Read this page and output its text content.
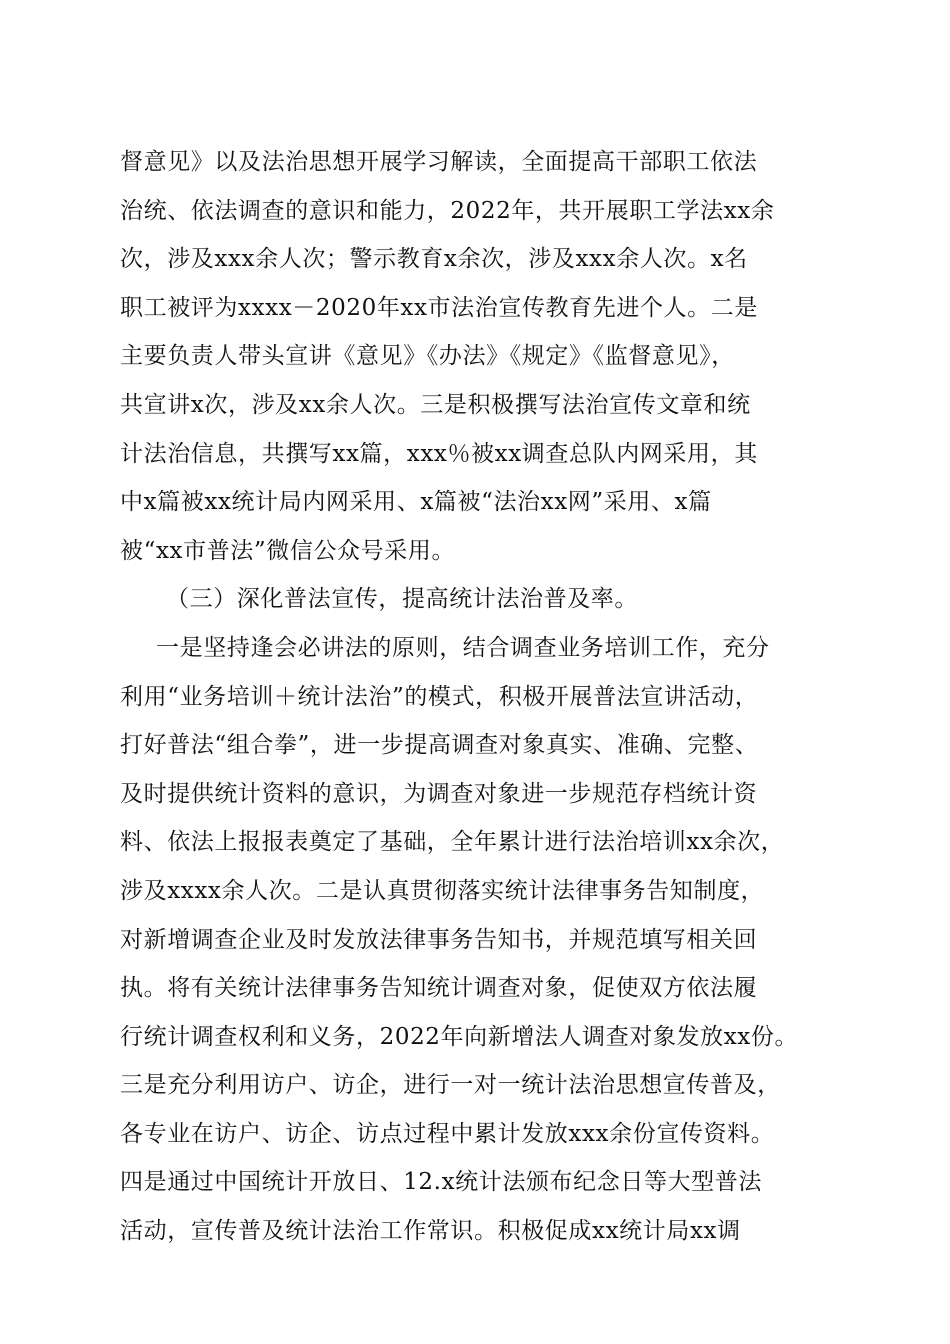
督意见》以及法治思想开展学习解读，全面提高干部职工依法
治统、依法调查的意识和能力，2022年，共开展职工学法xx余
次，涉及xxx余人次；警示教育x余次，涉及xxx余人次。x名
职工被评为xxxx－2020年xx市法治宣传教育先进个人。二是
主要负责人带头宣讲《意见》《办法》《规定》《监督意见》，
共宣讲x次，涉及xx余人次。三是积极撰写法治宣传文章和统
计法治信息，共撰写xx篇，xxx％被xx调查总队内网采用，其
中x篇被xx统计局内网采用、x篇被“法治xx网”采用、x篇
被“xx市普法”微信公众号采用。
（三）深化普法宣传，提高统计法治普及率。
一是坚持逢会必讲法的原则，结合调查业务培训工作，充分
利用“业务培训＋统计法治”的模式，积极开展普法宣讲活动，
打好普法“组合拳”，进一步提高调查对象真实、准确、完整、
及时提供统计资料的意识，为调查对象进一步规范存档统计资
料、依法上报报表奠定了基础，全年累计进行法治培训xx余次，
涉及xxxx余人次。二是认真贯彻落实统计法律事务告知制度，
对新增调查企业及时发放法律事务告知书，并规范填写相关回
执。将有关统计法律事务告知统计调查对象，促使双方依法履
行统计调查权利和义务，2022年向新增法人调查对象发放xx份。
三是充分利用访户、访企，进行一对一统计法治思想宣传普及，
各专业在访户、访企、访点过程中累计发放xxx余份宣传资料。
四是通过中国统计开放日、12.x统计法颁布纪念日等大型普法
活动，宣传普及统计法治工作常识。积极促成xx统计局xx调
